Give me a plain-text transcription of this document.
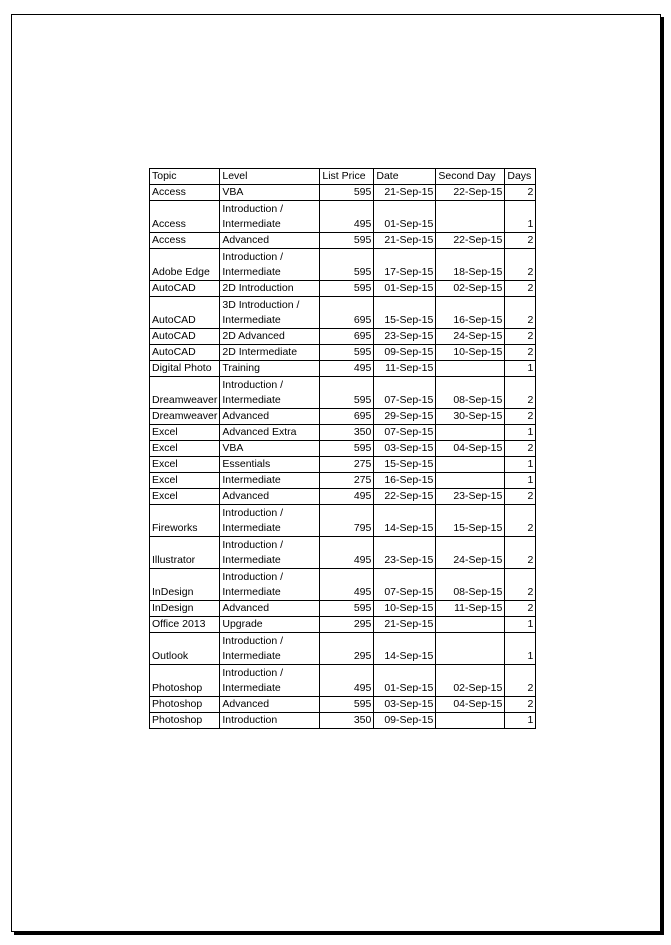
Topic	Level	List Price	Date	Second Day	Days
Access	VBA	595	21-Sep-15	22-Sep-15	2
Access	Introduction / Intermediate	495	01-Sep-15		1
Access	Advanced	595	21-Sep-15	22-Sep-15	2
Adobe Edge	Introduction / Intermediate	595	17-Sep-15	18-Sep-15	2
AutoCAD	2D Introduction	595	01-Sep-15	02-Sep-15	2
AutoCAD	3D Introduction / Intermediate	695	15-Sep-15	16-Sep-15	2
AutoCAD	2D Advanced	695	23-Sep-15	24-Sep-15	2
AutoCAD	2D Intermediate	595	09-Sep-15	10-Sep-15	2
Digital Photo	Training	495	11-Sep-15		1
Dreamweaver	Introduction / Intermediate	595	07-Sep-15	08-Sep-15	2
Dreamweaver	Advanced	695	29-Sep-15	30-Sep-15	2
Excel	Advanced Extra	350	07-Sep-15		1
Excel	VBA	595	03-Sep-15	04-Sep-15	2
Excel	Essentials	275	15-Sep-15		1
Excel	Intermediate	275	16-Sep-15		1
Excel	Advanced	495	22-Sep-15	23-Sep-15	2
Fireworks	Introduction / Intermediate	795	14-Sep-15	15-Sep-15	2
Illustrator	Introduction / Intermediate	495	23-Sep-15	24-Sep-15	2
InDesign	Introduction / Intermediate	495	07-Sep-15	08-Sep-15	2
InDesign	Advanced	595	10-Sep-15	11-Sep-15	2
Office 2013	Upgrade	295	21-Sep-15		1
Outlook	Introduction / Intermediate	295	14-Sep-15		1
Photoshop	Introduction / Intermediate	495	01-Sep-15	02-Sep-15	2
Photoshop	Advanced	595	03-Sep-15	04-Sep-15	2
Photoshop	Introduction	350	09-Sep-15		1
